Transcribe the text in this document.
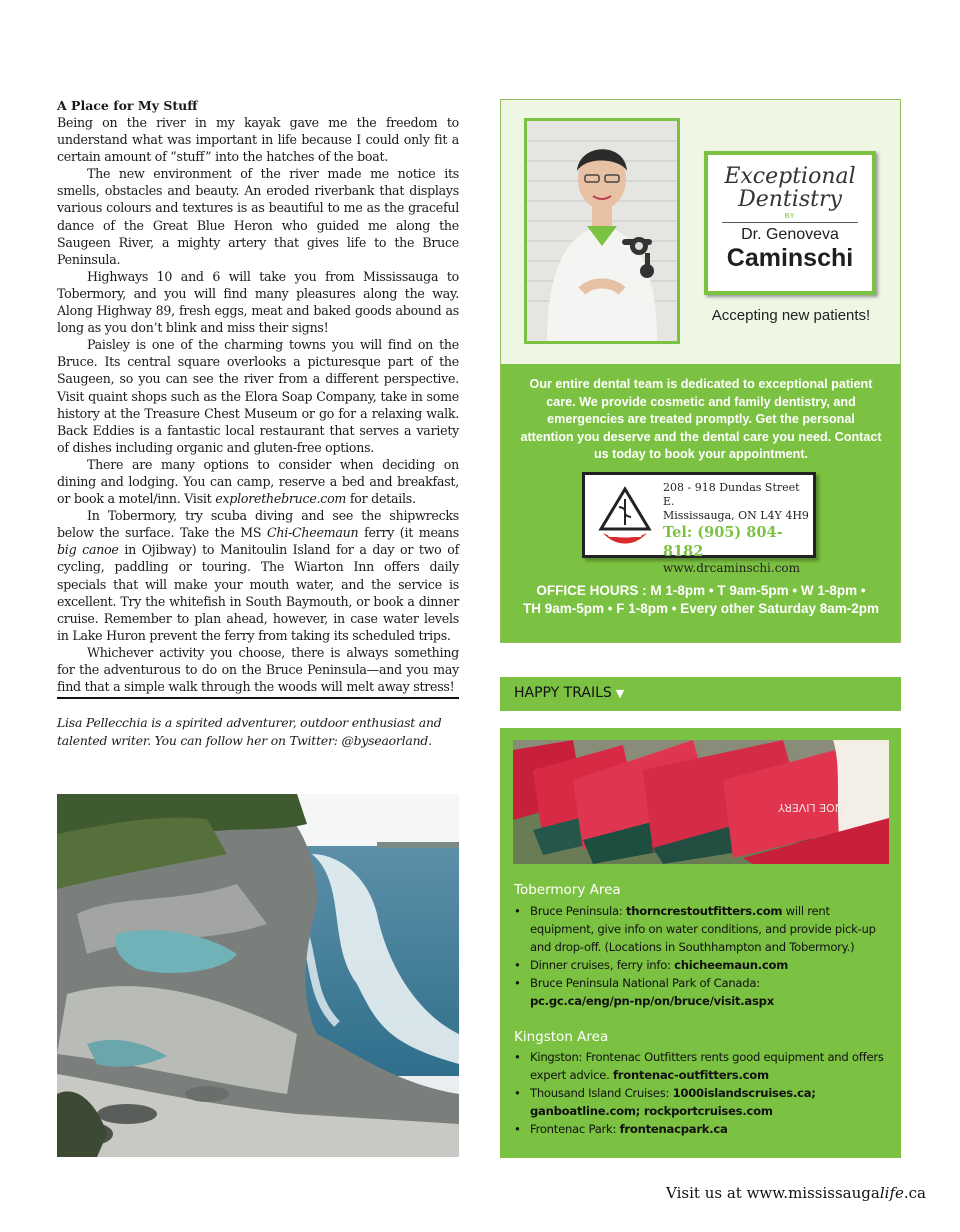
A Place for My Stuff

Being on the river in my kayak gave me the freedom to understand what was important in life because I could only fit a certain amount of “stuff” into the hatches of the boat.

The new environment of the river made me notice its smells, obstacles and beauty. An eroded riverbank that displays various colours and textures is as beautiful to me as the graceful dance of the Great Blue Heron who guided me along the Saugeen River, a mighty artery that gives life to the Bruce Peninsula.

Highways 10 and 6 will take you from Mississauga to Tobermory, and you will find many pleasures along the way. Along Highway 89, fresh eggs, meat and baked goods abound as long as you don’t blink and miss their signs!

Paisley is one of the charming towns you will find on the Bruce. Its central square overlooks a picturesque part of the Saugeen, so you can see the river from a different perspective. Visit quaint shops such as the Elora Soap Company, take in some history at the Treasure Chest Museum or go for a relaxing walk. Back Eddies is a fantastic local restaurant that serves a variety of dishes including organic and gluten-free options.

There are many options to consider when deciding on dining and lodging. You can camp, reserve a bed and breakfast, or book a motel/inn. Visit explorethebruce.com for details.

In Tobermory, try scuba diving and see the shipwrecks below the surface. Take the MS Chi-Cheemaun ferry (it means big canoe in Ojibway) to Manitoulin Island for a day or two of cycling, paddling or touring. The Wiarton Inn offers daily specials that will make your mouth water, and the service is excellent. Try the whitefish in South Baymouth, or book a dinner cruise. Remember to plan ahead, however, in case water levels in Lake Huron prevent the ferry from taking its scheduled trips.

Whichever activity you choose, there is always something for the adventurous to do on the Bruce Peninsula—and you may find that a simple walk through the woods will melt away stress!

Lisa Pellecchia is a spirited adventurer, outdoor enthusiast and talented writer. You can follow her on Twitter: @byseaorland.

Exceptional
Dentistry
BY
Dr. Genoveva
Caminschi
Accepting new patients!
Our entire dental team is dedicated to exceptional patient care. We provide cosmetic and family dentistry, and emergencies are treated promptly. Get the personal attention you deserve and the dental care you need. Contact us today to book your appointment.
208 - 918 Dundas Street E.
Mississauga, ON L4Y 4H9
Tel: (905) 804-8182
www.drcaminschi.com
OFFICE HOURS : M 1-8pm • T 9am-5pm • W 1-8pm •
TH 9am-5pm • F 1-8pm • Every other Saturday 8am-2pm
HAPPY TRAILS ▼
NOE LIVERY
Tobermory Area
• Bruce Peninsula: thorncrestoutfitters.com will rent equipment, give info on water conditions, and provide pick-up and drop-off. (Locations in Southhampton and Tobermory.)
• Dinner cruises, ferry info: chicheemaun.com
• Bruce Peninsula National Park of Canada:
pc.gc.ca/eng/pn-np/on/bruce/visit.aspx
Kingston Area
• Kingston: Frontenac Outfitters rents good equipment and offers expert advice. frontenac-outfitters.com
• Thousand Island Cruises: 1000islandscruises.ca; ganboatline.com; rockportcruises.com
• Frontenac Park: frontenacpark.ca
Visit us at www.mississaugalife.ca
